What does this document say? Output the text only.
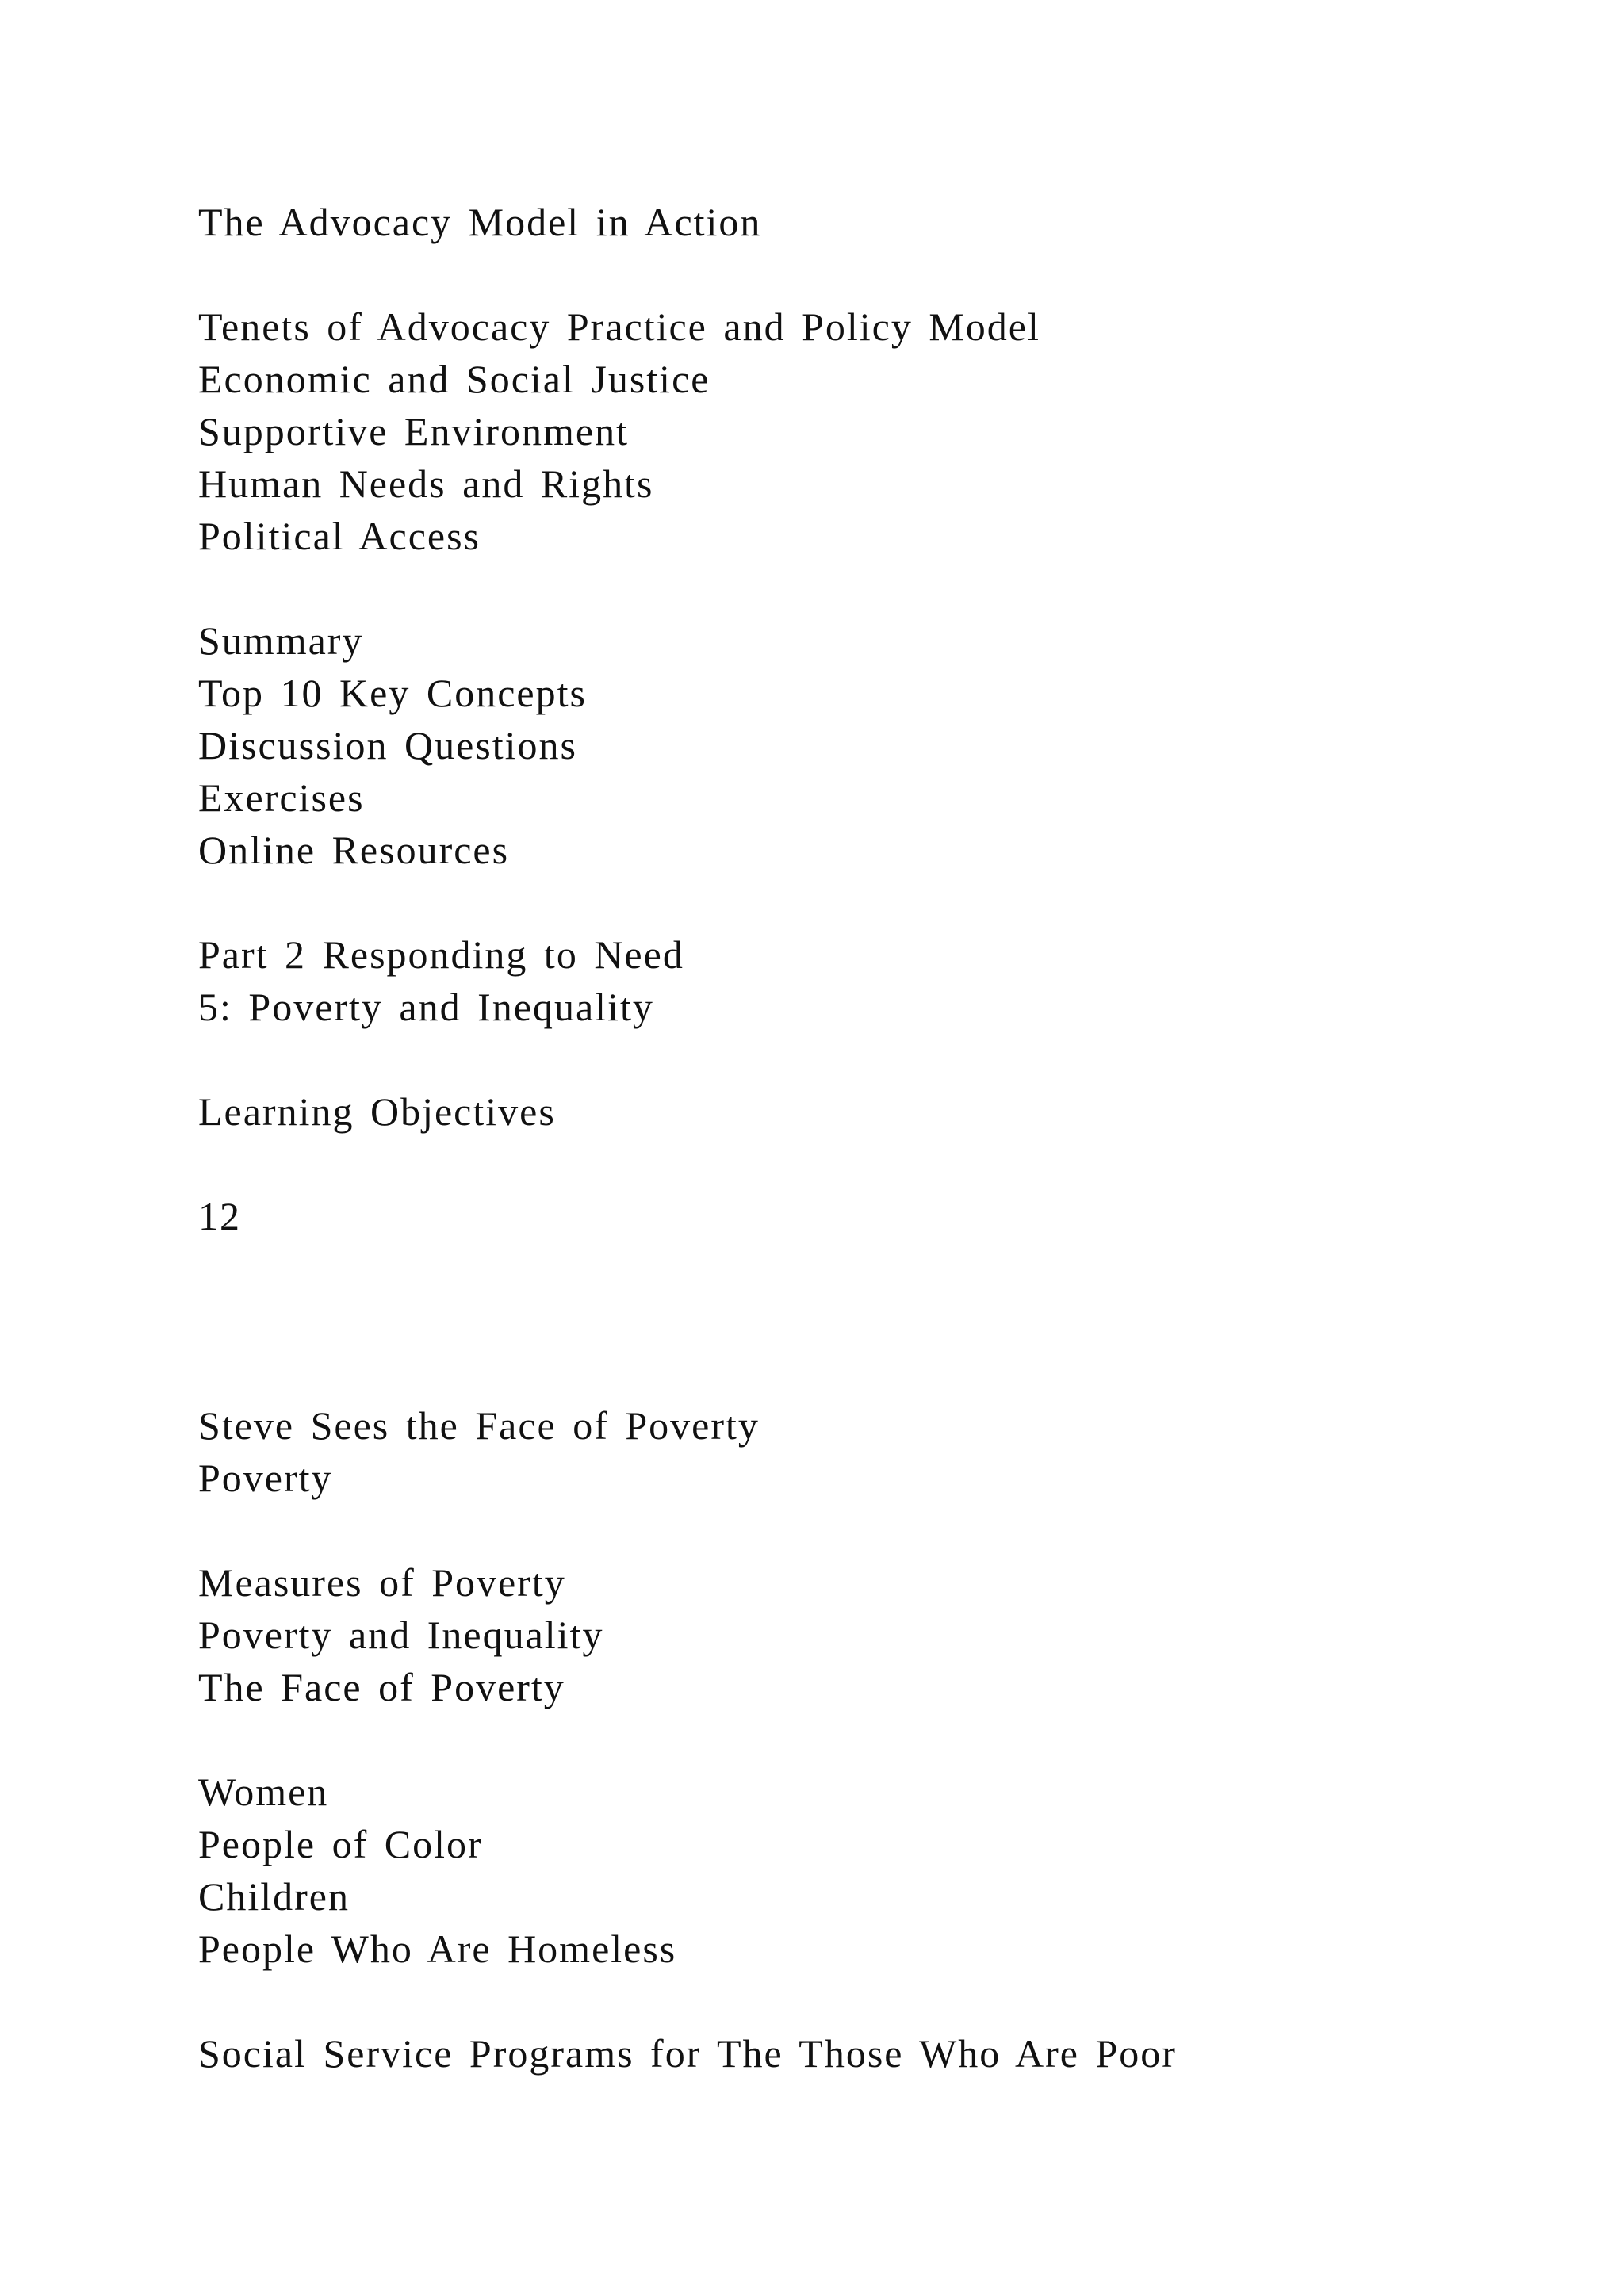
The Advocacy Model in Action
Tenets of Advocacy Practice and Policy Model
Economic and Social Justice
Supportive Environment
Human Needs and Rights
Political Access
Summary
Top 10 Key Concepts
Discussion Questions
Exercises
Online Resources
Part 2 Responding to Need
5: Poverty and Inequality
Learning Objectives
12
Steve Sees the Face of Poverty
Poverty
Measures of Poverty
Poverty and Inequality
The Face of Poverty
Women
People of Color
Children
People Who Are Homeless
Social Service Programs for The Those Who Are Poor
